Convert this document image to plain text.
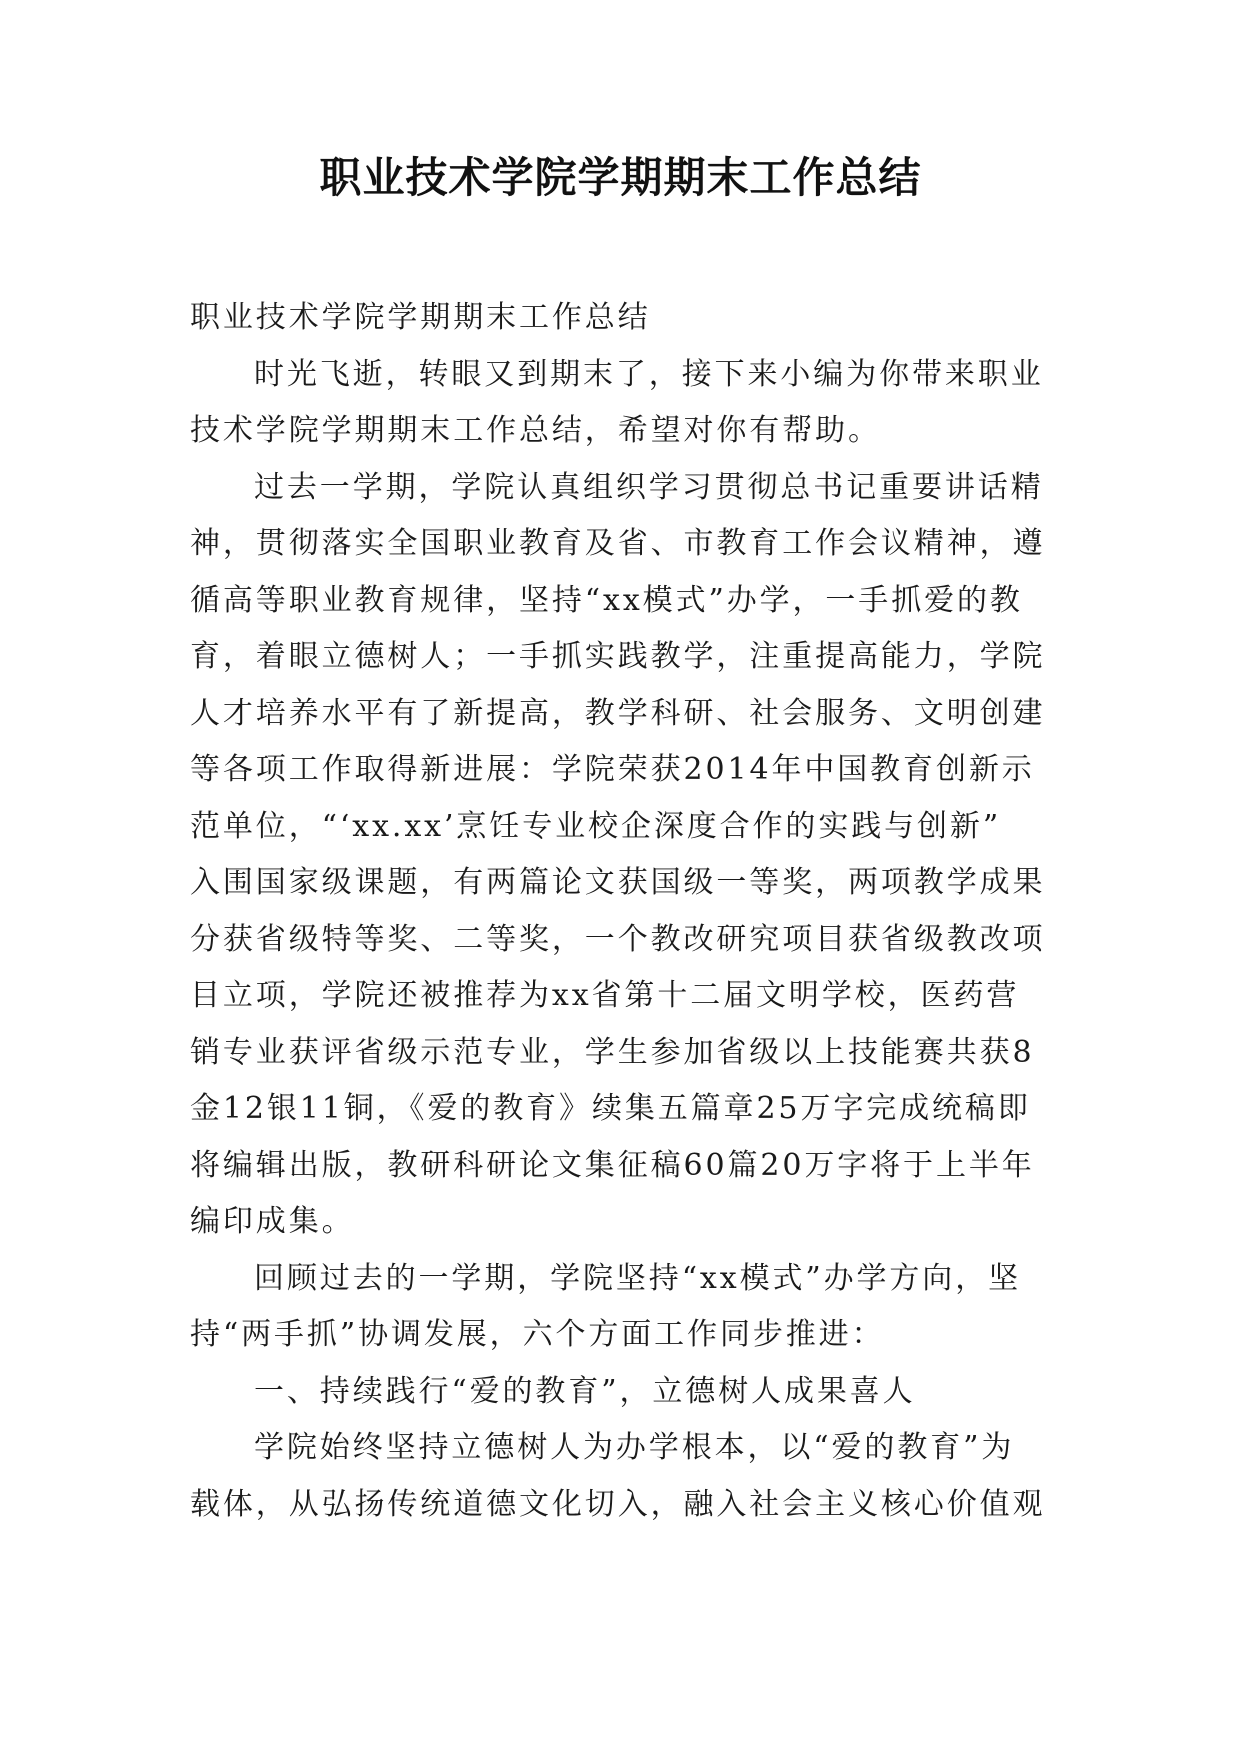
职业技术学院学期期末工作总结
职业技术学院学期期末工作总结
时光飞逝，转眼又到期末了，接下来小编为你带来职业
技术学院学期期末工作总结，希望对你有帮助。
过去一学期，学院认真组织学习贯彻总书记重要讲话精
神，贯彻落实全国职业教育及省、市教育工作会议精神，遵
循高等职业教育规律，坚持“xx模式”办学，一手抓爱的教
育，着眼立德树人；一手抓实践教学，注重提高能力，学院
人才培养水平有了新提高，教学科研、社会服务、文明创建
等各项工作取得新进展：学院荣获2014年中国教育创新示
范单位，“‘xx.xx’烹饪专业校企深度合作的实践与创新”
入围国家级课题，有两篇论文获国级一等奖，两项教学成果
分获省级特等奖、二等奖，一个教改研究项目获省级教改项
目立项，学院还被推荐为xx省第十二届文明学校，医药营
销专业获评省级示范专业，学生参加省级以上技能赛共获8
金12银11铜，《爱的教育》续集五篇章25万字完成统稿即
将编辑出版，教研科研论文集征稿60篇20万字将于上半年
编印成集。
回顾过去的一学期，学院坚持“xx模式”办学方向，坚
持“两手抓”协调发展，六个方面工作同步推进：
一、持续践行“爱的教育”，立德树人成果喜人
学院始终坚持立德树人为办学根本，以“爱的教育”为
载体，从弘扬传统道德文化切入，融入社会主义核心价值观
